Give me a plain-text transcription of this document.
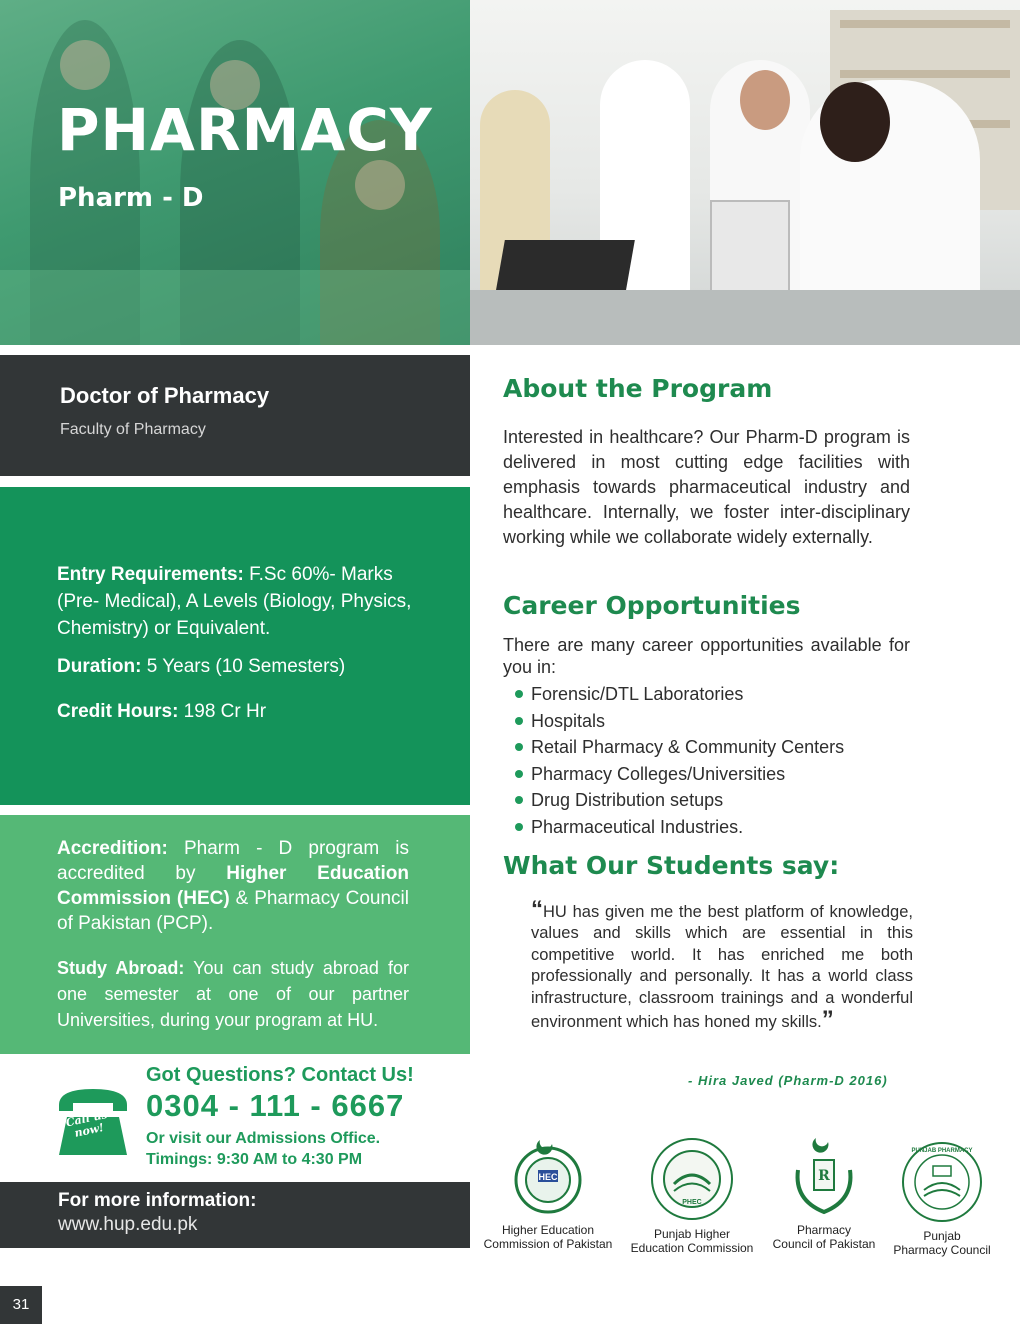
PHARMACY
Pharm - D
Doctor of Pharmacy
Faculty of Pharmacy
Entry Requirements: F.Sc 60%- Marks (Pre- Medical), A Levels (Biology, Physics, Chemistry) or Equivalent.
Duration: 5 Years (10 Semesters)
Credit Hours: 198 Cr Hr
Accredition: Pharm - D program is accredited by Higher Education Commission (HEC) & Pharmacy Council of Pakistan (PCP).
Study Abroad: You can study abroad for one semester at one of our partner Universities, during your program at HU.
Call us now!
Got Questions? Contact Us!
0304 - 111 - 6667
Or visit our Admissions Office.
Timings: 9:30 AM to 4:30 PM
For more information:
www.hup.edu.pk
About the Program
Interested in healthcare? Our Pharm-D program is delivered in most cutting edge facilities with emphasis towards pharmaceutical industry and healthcare. Internally, we foster inter-disciplinary working while we collaborate widely externally.
Career Opportunities
There are many career opportunities available for you in:
Forensic/DTL Laboratories
Hospitals
Retail Pharmacy & Community Centers
Pharmacy Colleges/Universities
Drug Distribution setups
Pharmaceutical Industries.
What Our Students say:
“HU has given me the best platform of knowledge, values and skills which are essential in this competitive world. It has enriched me both professionally and personally. It has a world class infrastructure, classroom trainings and a wonderful environment which has honed my skills.”
- Hira Javed (Pharm-D 2016)
HEC
Higher Education
Commission of Pakistan
PHEC
Punjab Higher
Education Commission
R
Pharmacy
Council of Pakistan
PUNJAB PHARMACY
Punjab
Pharmacy Council
31
